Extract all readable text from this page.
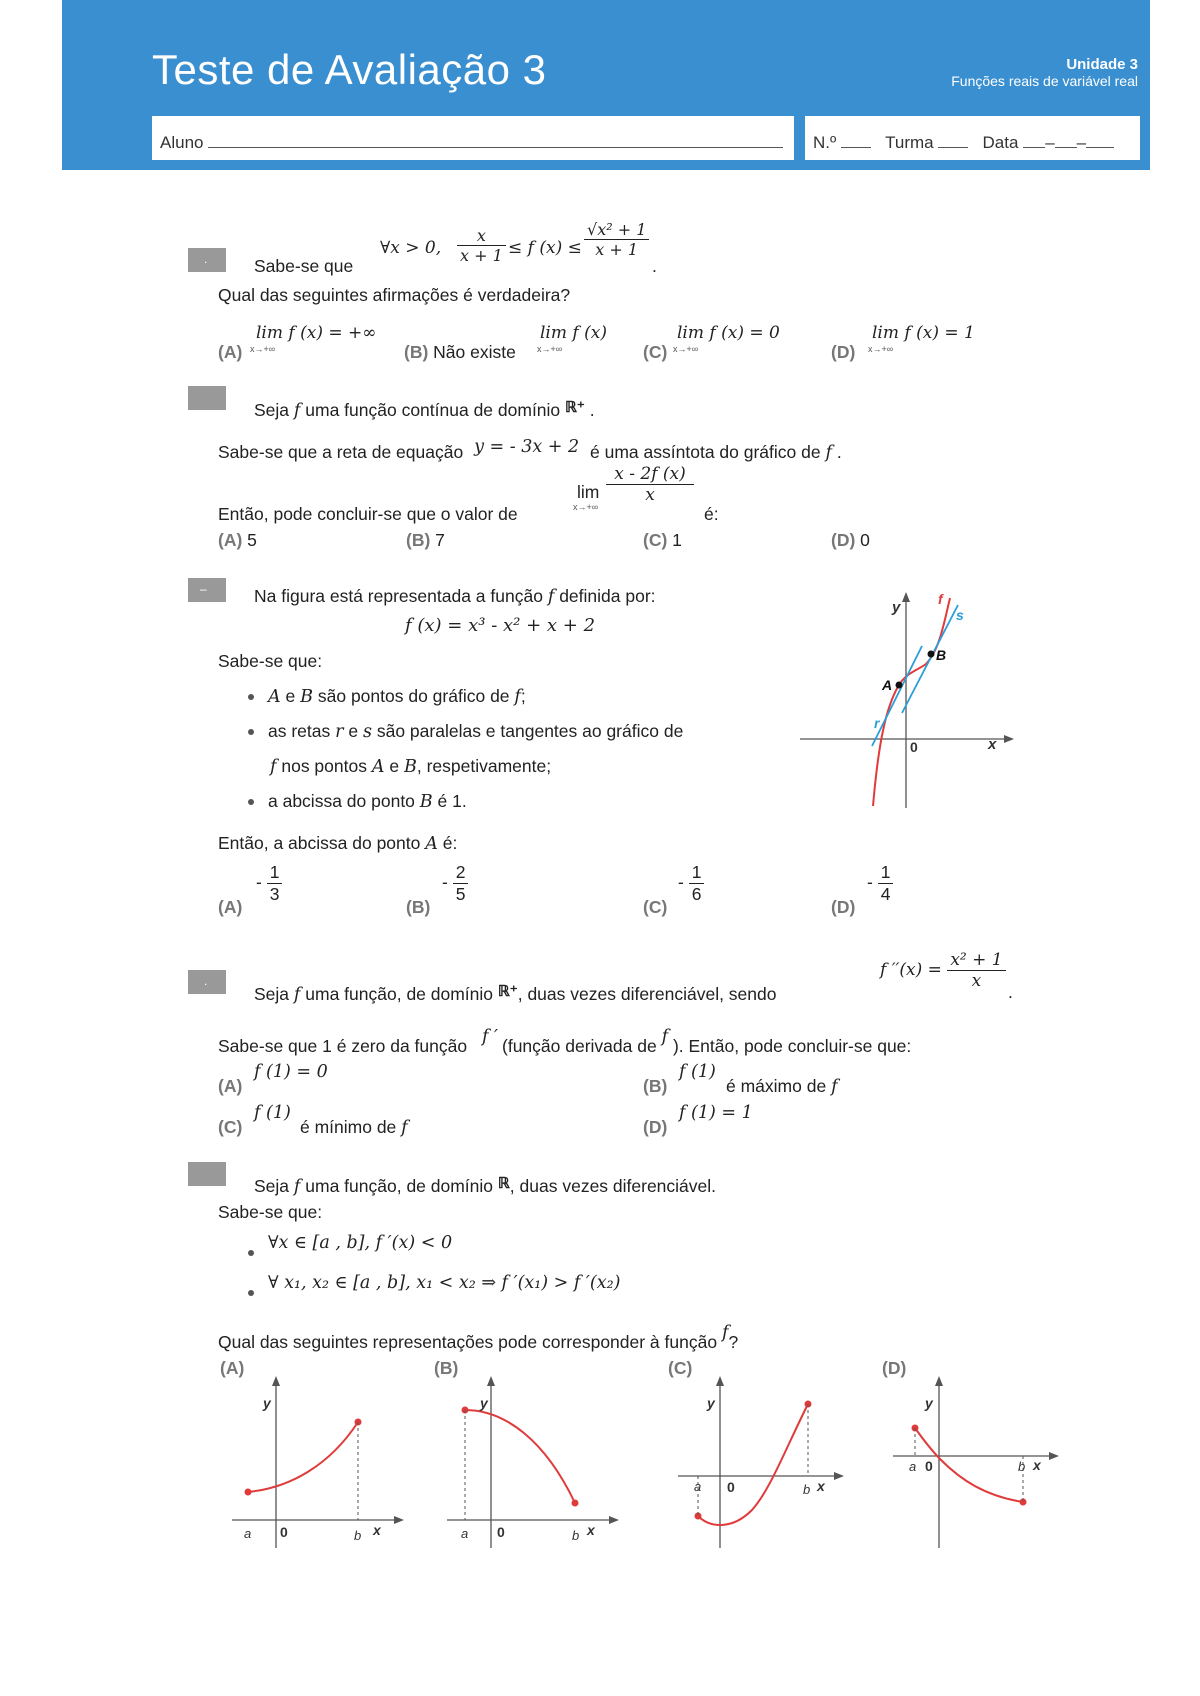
Teste de Avaliação 3	Unidade 3
Funções reais de variável real
Aluno	N.º	Turma	Data – –
.	Sabe-se que
∀x > 0, $\frac{x}{x + 1} \le f$ $(x) \le \frac{\text{√x² + 1}}{x + 1}$
.
Qual das seguintes afirmações é verdadeira?
(A)
lim f (x) = +∞
x→+∞	(B) Não existe
lim f (x)
x→+∞	(C)
lim f (x) = 0
x→+∞	(D)
lim f (x) = 1
x→+∞
Seja f uma função contínua de domínio ℝ⁺ .
Sabe-se que a reta de equação y = - 3x + 2 é uma assíntota do gráfico de f .
Então, pode concluir-se que o valor de
lim
x→+∞
$\frac{x - 2f (x)}{x}$
é:
(A) 5	(B) 7	(C) 1	(D) 0
–	Na figura está representada a função f definida por:
f (x) = x³ - x² + x + 2
Sabe-se que:
A e B são pontos do gráfico de f;
as retas r e s são paralelas e tangentes ao gráfico de
f nos pontos A e B, respetivamente;
a abcissa do ponto B é 1.
Então, a abcissa do ponto A é:
(A)
- $\frac{1}{3}$
(B)
- $\frac{2}{5}$
(C)
- $\frac{1}{6}$
(D)
- $\frac{1}{4}$
y
x
0
f
s
r
A
B
.
Seja f uma função, de domínio ℝ⁺, duas vezes diferenciável, sendo
f $''(x) = \frac{\text{x² + 1}}{x}$
.
Sabe-se que 1 é zero da função f ′ (função derivada de f ). Então, pode concluir-se que:
(A)
f (1) = 0
(B)
f (1)
é máximo de f
(C)
f (1)
é mínimo de f	(D)
f (1) = 1
Seja f uma função, de domínio ℝ, duas vezes diferenciável.
Sabe-se que:
∀x ∈ [a , b], f ′(x) < 0
∀ x₁, x₂ ∈ [a , b], x₁ < x₂ ⇒ f ′(x₁) > f ′(x₂)
Qual das seguintes representações pode corresponder à função f?
(A)	(B)	(C)	(D)
y
x
0
a	b
y
x
0
a	b
y
x
0
a	b
y
x
0
a	b
